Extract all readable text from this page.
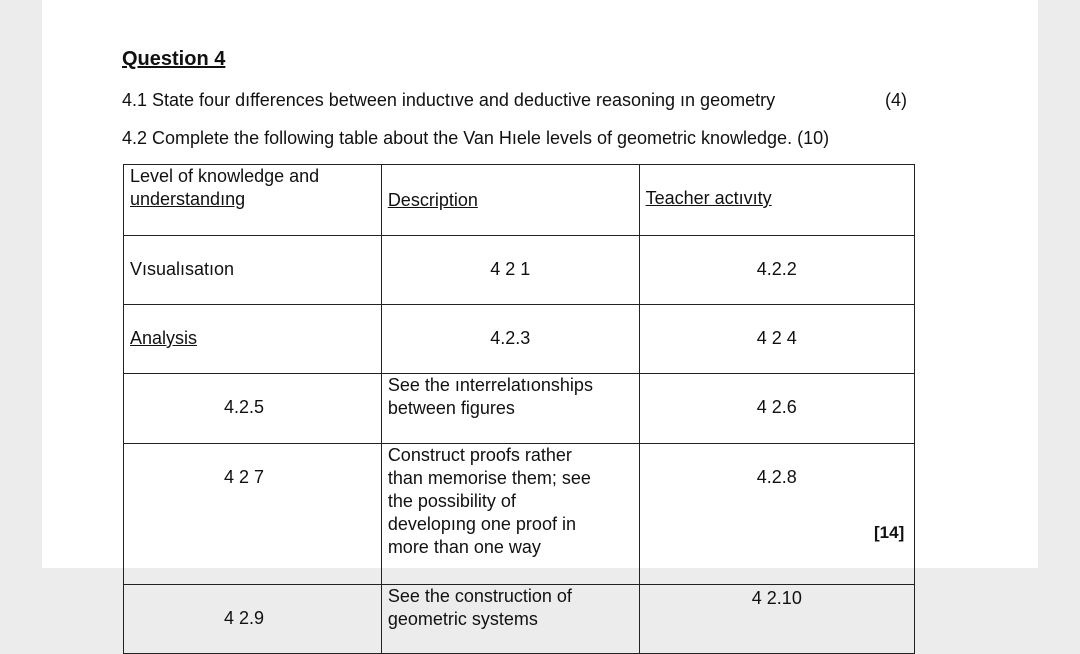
Question 4
4.1 State four dıfferences between inductıve and deductive reasoning ın geometry	(4)
4.2 Complete the following table about the Van Hıele levels of geometric knowledge. (10)
Level of knowledge and
understandıng	Description	Teacher actıvıty
Vısualısatıon	4 2 1	4.2.2
Analysis	4.2.3	4 2 4
4.2.5	See the ınterrelatıonships
between figures	4 2.6
4 2 7	Construct proofs rather
than memorise them; see
the possibility of
developıng one proof in
more than one way	4.2.8
4 2.9	See the construction of
geometric systems	4 2.10
[14]
